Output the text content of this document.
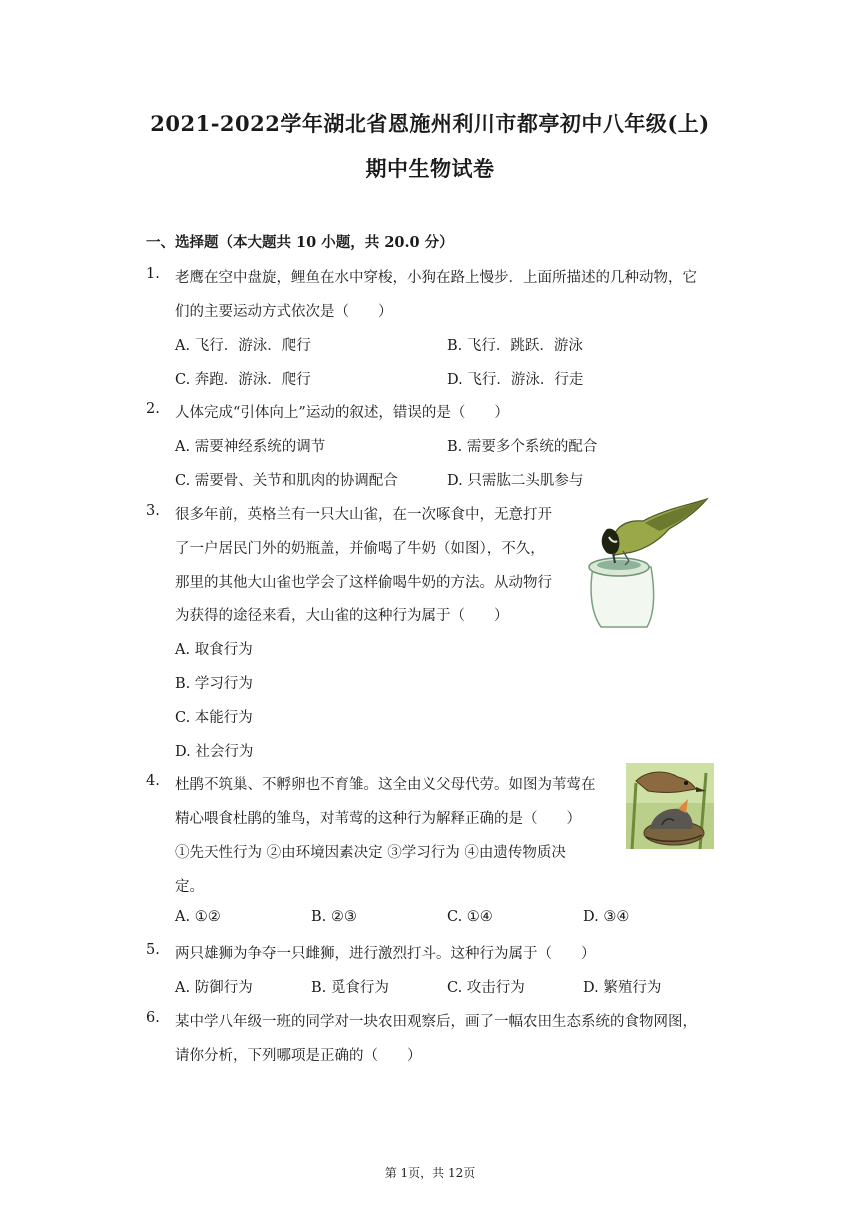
2021-2022学年湖北省恩施州利川市都亭初中八年级(上)
期中生物试卷
一、选择题（本大题共 10 小题，共 20.0 分）
1. 老鹰在空中盘旋，鲤鱼在水中穿梭，小狗在路上慢步．上面所描述的几种动物，它
们的主要运动方式依次是（　　）
A. 飞行．游泳．爬行	B. 飞行．跳跃．游泳
C. 奔跑．游泳．爬行	D. 飞行．游泳．行走
2. 人体完成“引体向上”运动的叙述，错误的是（　　）
A. 需要神经系统的调节	B. 需要多个系统的配合
C. 需要骨、关节和肌肉的协调配合	D. 只需肱二头肌参与
3. 很多年前，英格兰有一只大山雀，在一次啄食中，无意打开
了一户居民门外的奶瓶盖，并偷喝了牛奶（如图），不久，
那里的其他大山雀也学会了这样偷喝牛奶的方法。从动物行
为获得的途径来看，大山雀的这种行为属于（　　）
A. 取食行为
B. 学习行为
C. 本能行为
D. 社会行为
4. 杜鹃不筑巢、不孵卵也不育雏。这全由义父母代劳。如图为苇莺在
精心喂食杜鹃的雏鸟，对苇莺的这种行为解释正确的是（　　）
①先天性行为 ②由环境因素决定 ③学习行为 ④由遗传物质决
定。
A. ①②	B. ②③	C. ①④	D. ③④
5. 两只雄狮为争夺一只雌狮，进行激烈打斗。这种行为属于（　　）
A. 防御行为	B. 觅食行为	C. 攻击行为	D. 繁殖行为
6. 某中学八年级一班的同学对一块农田观察后，画了一幅农田生态系统的食物网图，
请你分析，下列哪项是正确的（　　）
第 1页，共 12页
